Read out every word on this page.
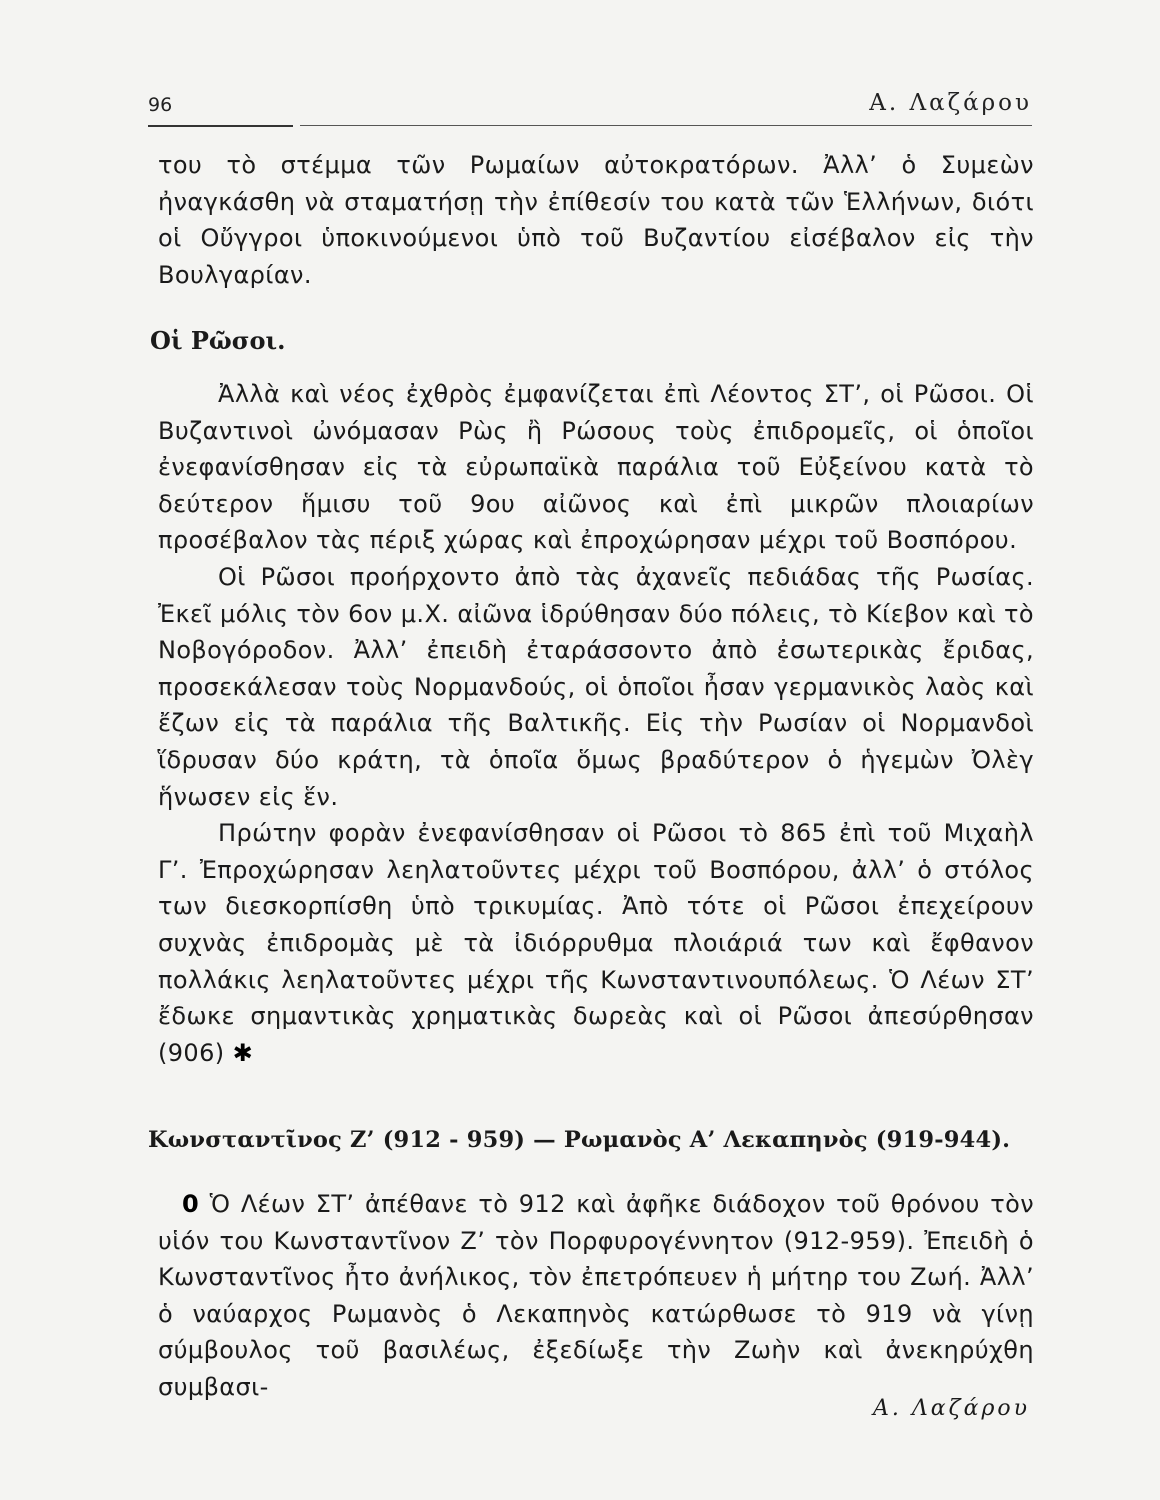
96	Α. Λαζάρου

του τὸ στέμμα τῶν Ρωμαίων αὐτοκρατόρων. Ἀλλ’ ὁ Συμεὼν ἠναγκάσθη νὰ σταματήσῃ τὴν ἐπίθεσίν του κατὰ τῶν Ἑλλήνων, διότι οἱ Οὔγγροι ὑποκινούμενοι ὑπὸ τοῦ Βυζαντίου εἰσέβαλον εἰς τὴν Βουλγαρίαν.

Οἱ Ρῶσοι.

Ἀλλὰ καὶ νέος ἐχθρὸς ἐμφανίζεται ἐπὶ Λέοντος ΣΤ’, οἱ Ρῶσοι. Οἱ Βυζαντινοὶ ὠνόμασαν Ρὼς ἢ Ρώσους τοὺς ἐπιδρομεῖς, οἱ ὁποῖοι ἐνεφανίσθησαν εἰς τὰ εὐρωπαϊκὰ παράλια τοῦ Εὐξείνου κατὰ τὸ δεύτερον ἥμισυ τοῦ 9ου αἰῶνος καὶ ἐπὶ μικρῶν πλοιαρίων προσέβαλον τὰς πέριξ χώρας καὶ ἐπροχώρησαν μέχρι τοῦ Βοσπόρου.

Οἱ Ρῶσοι προήρχοντο ἀπὸ τὰς ἀχανεῖς πεδιάδας τῆς Ρωσίας. Ἐκεῖ μόλις τὸν 6ον μ.Χ. αἰῶνα ἱδρύθησαν δύο πόλεις, τὸ Κίεβον καὶ τὸ Νοβογόροδον. Ἀλλ’ ἐπειδὴ ἐταράσσοντο ἀπὸ ἐσωτερικὰς ἔριδας, προσεκάλεσαν τοὺς Νορμανδούς, οἱ ὁποῖοι ἦσαν γερμανικὸς λαὸς καὶ ἔζων εἰς τὰ παράλια τῆς Βαλτικῆς. Εἰς τὴν Ρωσίαν οἱ Νορμανδοὶ ἵδρυσαν δύο κράτη, τὰ ὁποῖα ὅμως βραδύτερον ὁ ἡγεμὼν Ὀλὲγ ἥνωσεν εἰς ἕν.

Πρώτην φορὰν ἐνεφανίσθησαν οἱ Ρῶσοι τὸ 865 ἐπὶ τοῦ Μιχαὴλ Γ’. Ἐπροχώρησαν λεηλατοῦντες μέχρι τοῦ Βοσπόρου, ἀλλ’ ὁ στόλος των διεσκορπίσθη ὑπὸ τρικυμίας. Ἀπὸ τότε οἱ Ρῶσοι ἐπεχείρουν συχνὰς ἐπιδρομὰς μὲ τὰ ἰδιόρρυθμα πλοιάριά των καὶ ἔφθανον πολλάκις λεηλατοῦντες μέχρι τῆς Κωνσταντινουπόλεως. Ὁ Λέων ΣΤ’ ἔδωκε σημαντικὰς χρηματικὰς δωρεὰς καὶ οἱ Ρῶσοι ἀπεσύρθησαν (906) ✱

Κωνσταντῖνος Ζ’ (912 - 959) — Ρωμανὸς Α’ Λεκαπηνὸς (919-944).

0 Ὁ Λέων ΣΤ’ ἀπέθανε τὸ 912 καὶ ἀφῆκε διάδοχον τοῦ θρόνου τὸν υἱόν του Κωνσταντῖνον Ζ’ τὸν Πορφυρογέννητον (912-959). Ἐπειδὴ ὁ Κωνσταντῖνος ἦτο ἀνήλικος, τὸν ἐπετρόπευεν ἡ μήτηρ του Ζωή. Ἀλλ’ ὁ ναύαρχος Ρωμανὸς ὁ Λεκαπηνὸς κατώρθωσε τὸ 919 νὰ γίνῃ σύμβουλος τοῦ βασιλέως, ἐξεδίωξε τὴν Ζωὴν καὶ ἀνεκηρύχθη συμβασι-

Α. Λαζάρου
